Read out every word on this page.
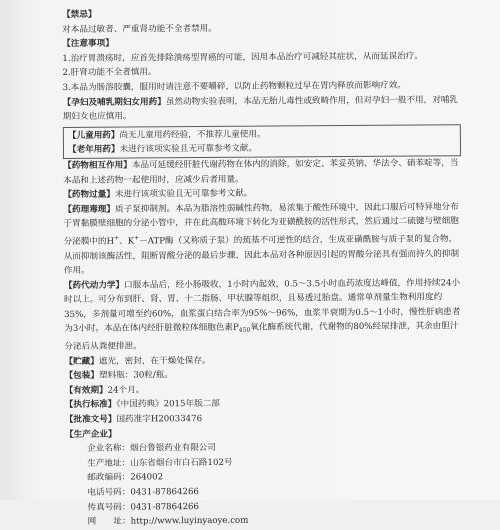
【禁忌】
对本品过敏者、严重肾功能不全者禁用。
【注意事项】
1.治疗胃溃疡时，应首先排除溃疡型胃癌的可能，因用本品治疗可减轻其症状，从而延误治疗。
2.肝肾功能不全者慎用。
3.本品为肠溶胶囊，服用时请注意不要嚼碎，以防止药物颗粒过早在胃内释放而影响疗效。
【孕妇及哺乳期妇女用药】虽然动物实验表明，本品无胎儿毒性或致畸作用，但对孕妇一般不用，对哺乳期妇女也应慎用。
【儿童用药】尚无儿童用药经验，不推荐儿童使用。
【老年用药】未进行该项实验且无可靠参考文献。
【药物相互作用】本品可延缓经肝脏代谢药物在体内的消除，如安定、苯妥英钠、华法令、硝苯啶等，当本品和上述药物一起使用时，应减少后者用量。
【药物过量】未进行该项实验且无可靠参考文献。
【药理毒理】质子泵抑制剂。本品为脂溶性弱碱性药物，易浓集于酸性环境中，因此口服后可特异地分布于胃黏膜壁细胞的分泌小管中，并在此高酸环境下转化为亚磺酰胺的活性形式，然后通过二硫键与壁细胞分泌膜中的H+、K+－ATP酶（又称质子泵）的巯基不可逆性的结合，生成亚磺酰胺与质子泵的复合物，从而抑制该酶活性，阻断胃酸分泌的最后步骤，因此本品对各种原因引起的胃酸分泌具有强而持久的抑制作用。
【药代动力学】口服本品后，经小肠吸收，1小时内起效，0.5～3.5小时血药浓度达峰值，作用持续24小时以上。可分布到肝、肾、胃、十二指肠、甲状腺等组织，且易透过胎盘。通常单剂量生物利用度约35%，多剂量可增至约60%，血浆蛋白结合率为95%～96%，血浆半衰期为0.5～1小时，慢性肝病患者为3小时。本品在体内经肝脏微粒体细胞色素$P_{450}$氧化酶系统代谢，代谢物的80%经尿排泄，其余由胆汁分泌后从粪便排泄。
【贮藏】遮光，密封，在干燥处保存。
【包装】塑料瓶：30粒/瓶。
【有效期】24个月。
【执行标准】《中国药典》2015年版二部
【批准文号】国药准字H20033476
【生产企业】
企业名称：烟台鲁银药业有限公司
生产地址：山东省烟台市白石路102号
邮政编码：264002
电话号码：0431-87864266
传真号码：0431-87864266
网　　址：http://www.luyinyaoye.com
